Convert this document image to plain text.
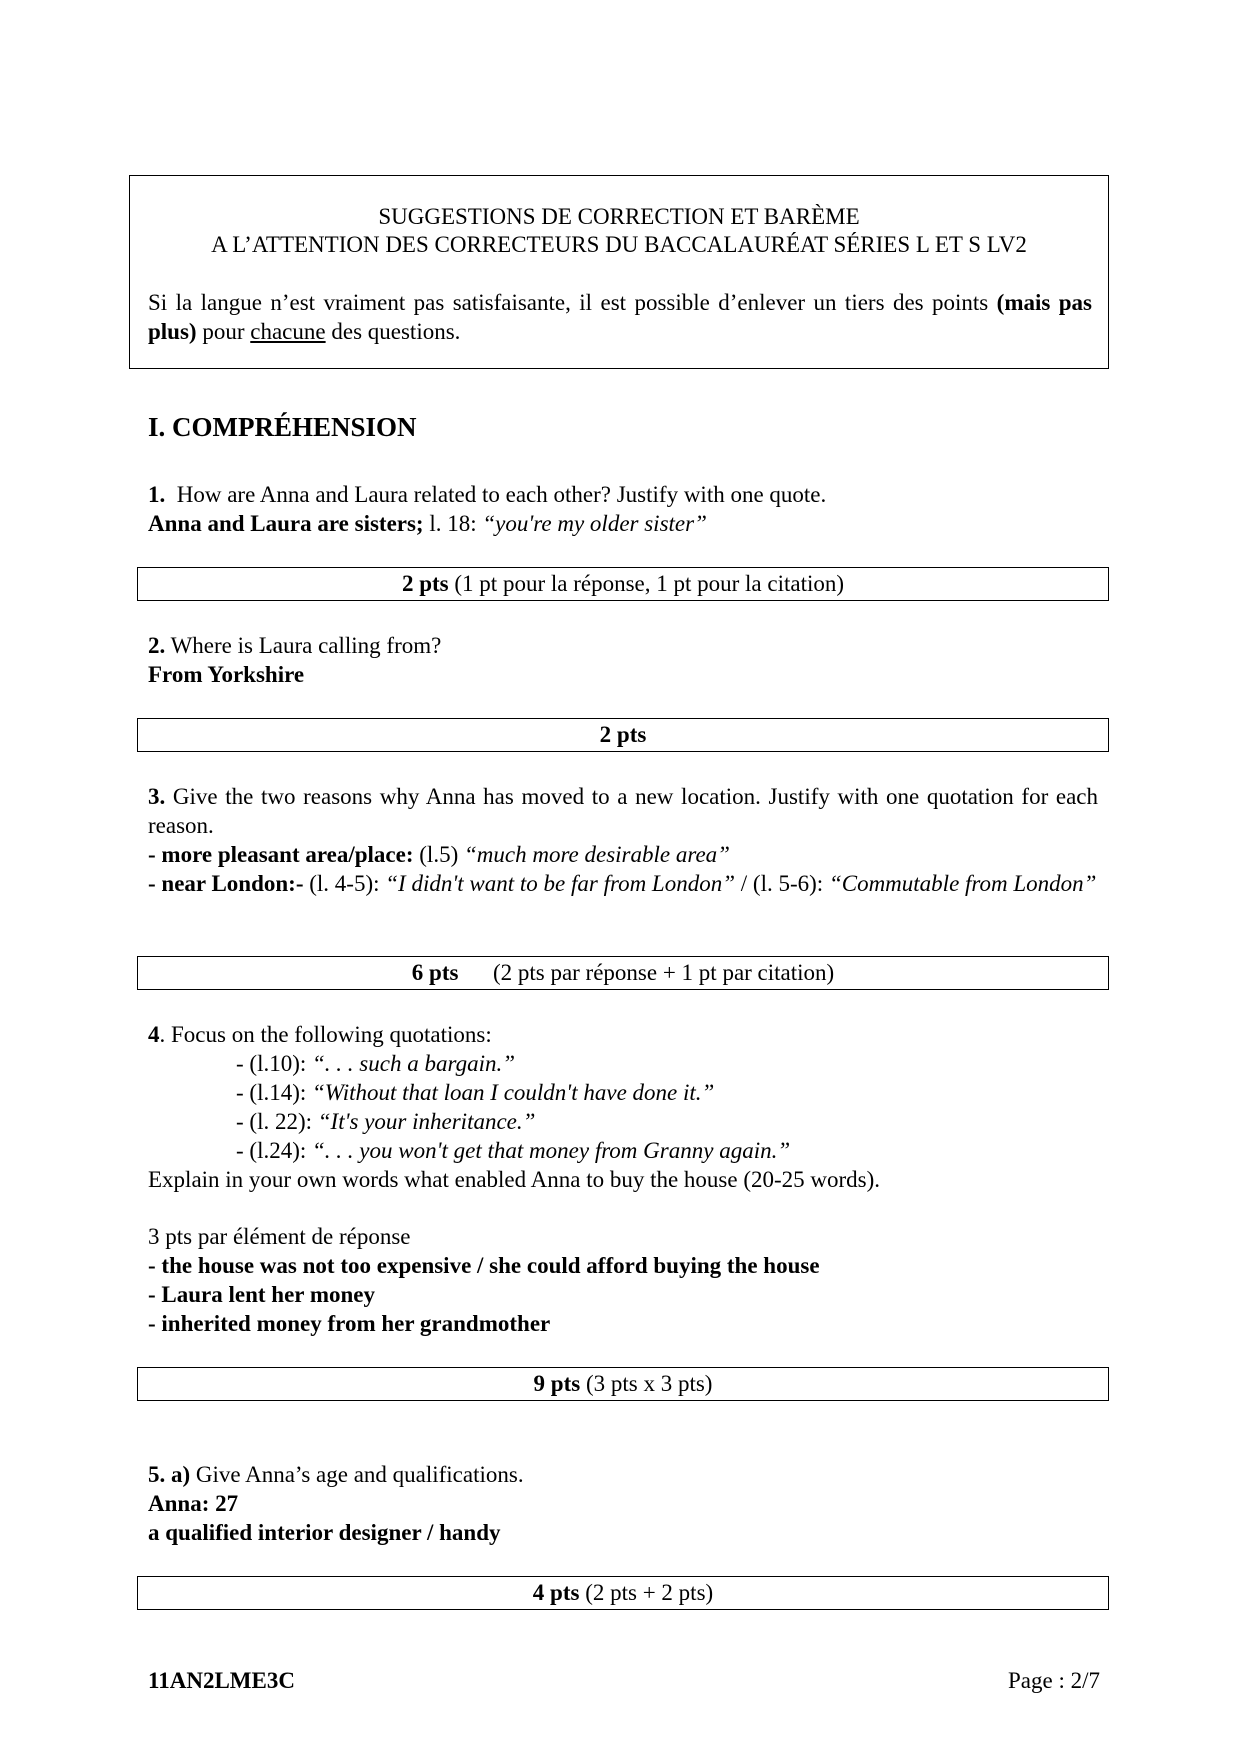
SUGGESTIONS DE CORRECTION ET BARÈME
A L’ATTENTION DES CORRECTEURS DU BACCALAURÉAT SÉRIES L ET S LV2
Si la langue n’est vraiment pas satisfaisante, il est possible d’enlever un tiers des points (mais pas plus) pour chacune des questions.
I. COMPRÉHENSION
1. How are Anna and Laura related to each other? Justify with one quote.
Anna and Laura are sisters; l. 18: “you're my older sister”
2 pts (1 pt pour la réponse, 1 pt pour la citation)
2. Where is Laura calling from?
From Yorkshire
2 pts
3. Give the two reasons why Anna has moved to a new location. Justify with one quotation for each reason.
- more pleasant area/place: (l.5) “much more desirable area”
- near London:- (l. 4-5): “I didn't want to be far from London” / (l. 5-6): “Commutable from London”
6 pts (2 pts par réponse + 1 pt par citation)
4. Focus on the following quotations:
- (l.10): “. . . such a bargain.”
- (l.14): “Without that loan I couldn't have done it.”
- (l. 22): “It's your inheritance.”
- (l.24): “. . . you won't get that money from Granny again.”
Explain in your own words what enabled Anna to buy the house (20-25 words).
3 pts par élément de réponse
- the house was not too expensive / she could afford buying the house
- Laura lent her money
- inherited money from her grandmother
9 pts (3 pts x 3 pts)
5. a) Give Anna’s age and qualifications.
Anna: 27
a qualified interior designer / handy
4 pts (2 pts + 2 pts)
11AN2LME3C	Page : 2/7
